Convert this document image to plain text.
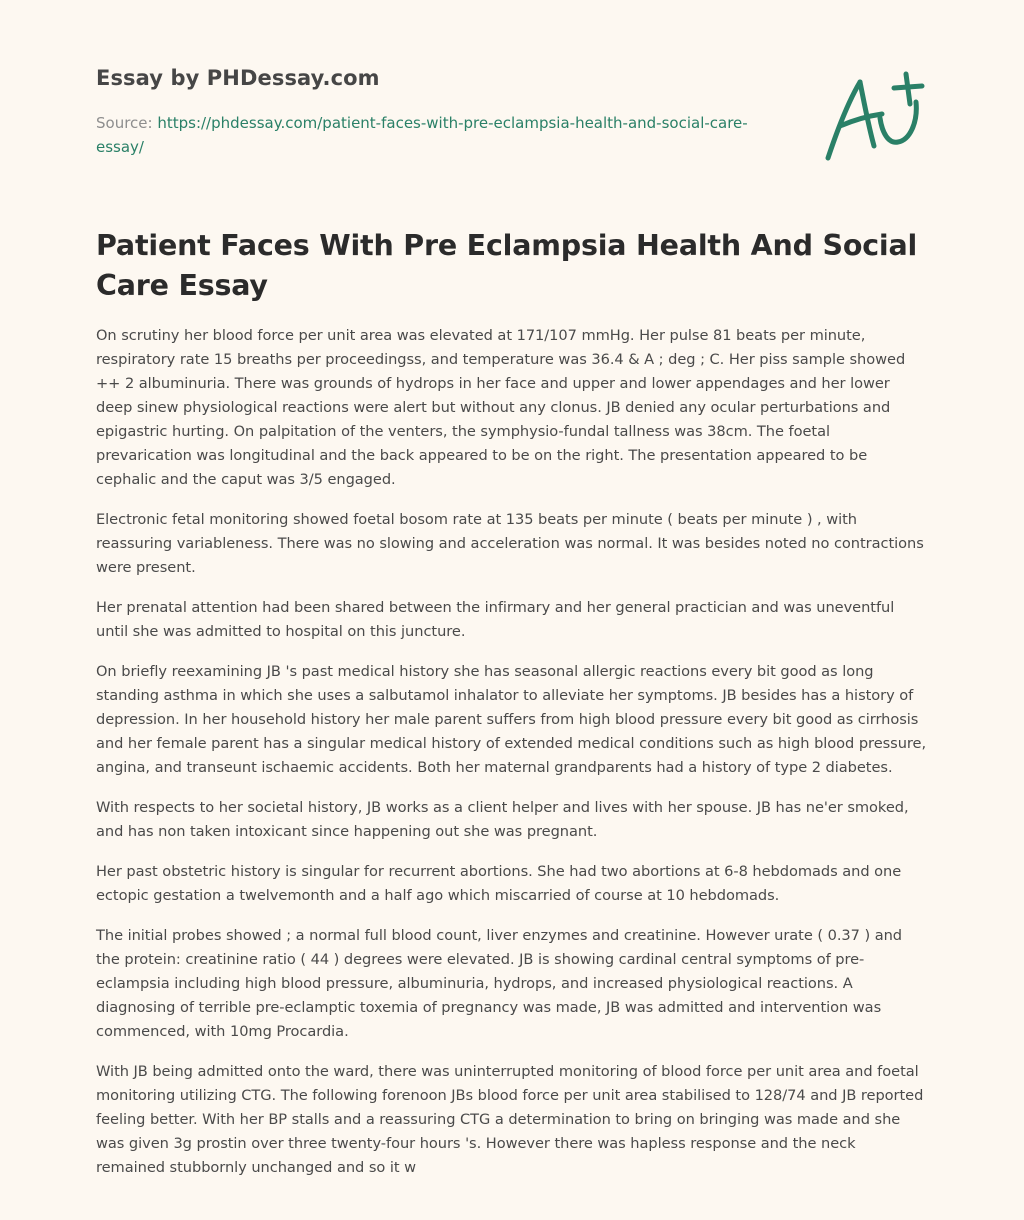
Essay by PHDessay.com

Source: https://phdessay.com/patient-faces-with-pre-eclampsia-health-and-social-care-essay/

Patient Faces With Pre Eclampsia Health And Social Care Essay

On scrutiny her blood force per unit area was elevated at 171/107 mmHg. Her pulse 81 beats per minute, respiratory rate 15 breaths per proceedingss, and temperature was 36.4 & A ; deg ; C. Her piss sample showed ++ 2 albuminuria. There was grounds of hydrops in her face and upper and lower appendages and her lower deep sinew physiological reactions were alert but without any clonus. JB denied any ocular perturbations and epigastric hurting. On palpitation of the venters, the symphysio-fundal tallness was 38cm. The foetal prevarication was longitudinal and the back appeared to be on the right. The presentation appeared to be cephalic and the caput was 3/5 engaged.

Electronic fetal monitoring showed foetal bosom rate at 135 beats per minute ( beats per minute ) , with reassuring variableness. There was no slowing and acceleration was normal. It was besides noted no contractions were present.

Her prenatal attention had been shared between the infirmary and her general practician and was uneventful until she was admitted to hospital on this juncture.

On briefly reexamining JB 's past medical history she has seasonal allergic reactions every bit good as long standing asthma in which she uses a salbutamol inhalator to alleviate her symptoms. JB besides has a history of depression. In her household history her male parent suffers from high blood pressure every bit good as cirrhosis and her female parent has a singular medical history of extended medical conditions such as high blood pressure, angina, and transeunt ischaemic accidents. Both her maternal grandparents had a history of type 2 diabetes.

With respects to her societal history, JB works as a client helper and lives with her spouse. JB has ne'er smoked, and has non taken intoxicant since happening out she was pregnant.

Her past obstetric history is singular for recurrent abortions. She had two abortions at 6-8 hebdomads and one ectopic gestation a twelvemonth and a half ago which miscarried of course at 10 hebdomads.

The initial probes showed ; a normal full blood count, liver enzymes and creatinine. However urate ( 0.37 ) and the protein: creatinine ratio ( 44 ) degrees were elevated. JB is showing cardinal central symptoms of pre-eclampsia including high blood pressure, albuminuria, hydrops, and increased physiological reactions. A diagnosing of terrible pre-eclamptic toxemia of pregnancy was made, JB was admitted and intervention was commenced, with 10mg Procardia.

With JB being admitted onto the ward, there was uninterrupted monitoring of blood force per unit area and foetal monitoring utilizing CTG. The following forenoon JBs blood force per unit area stabilised to 128/74 and JB reported feeling better. With her BP stalls and a reassuring CTG a determination to bring on bringing was made and she was given 3g prostin over three twenty-four hours 's. However there was hapless response and the neck remained stubbornly unchanged and so it w
